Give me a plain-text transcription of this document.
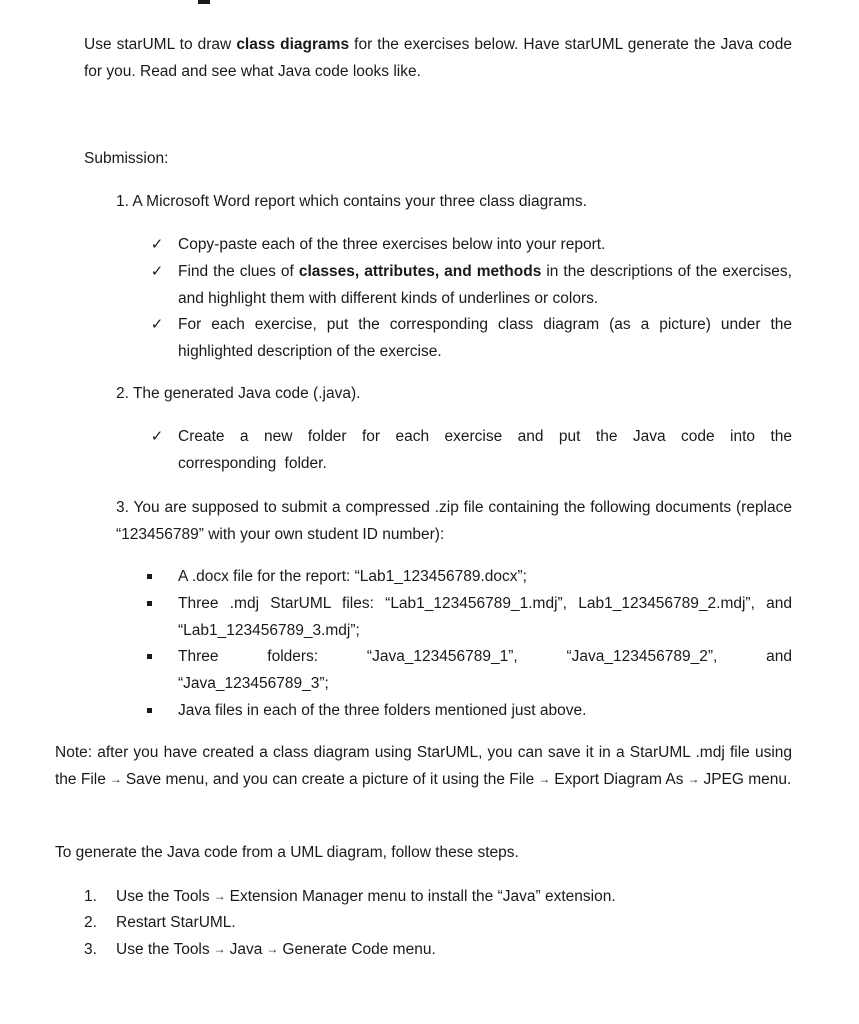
Use starUML to draw class diagrams for the exercises below. Have starUML generate the Java code for you. Read and see what Java code looks like.
Submission:
1. A Microsoft Word report which contains your three class diagrams.
✓ Copy-paste each of the three exercises below into your report.
✓ Find the clues of classes, attributes, and methods in the descriptions of the exercises, and highlight them with different kinds of underlines or colors.
✓ For each exercise, put the corresponding class diagram (as a picture) under the highlighted description of the exercise.
2. The generated Java code (.java).
✓ Create a new folder for each exercise and put the Java code into the corresponding folder.
3. You are supposed to submit a compressed .zip file containing the following documents (replace “123456789” with your own student ID number):
A .docx file for the report: “Lab1_123456789.docx”;
Three .mdj StarUML files: “Lab1_123456789_1.mdj”, Lab1_123456789_2.mdj”, and “Lab1_123456789_3.mdj”;
Three folders: “Java_123456789_1”, “Java_123456789_2”, and “Java_123456789_3”;
Java files in each of the three folders mentioned just above.
Note: after you have created a class diagram using StarUML, you can save it in a StarUML .mdj file using the File → Save menu, and you can create a picture of it using the File → Export Diagram As → JPEG menu.
To generate the Java code from a UML diagram, follow these steps.
1.	Use the Tools → Extension Manager menu to install the “Java” extension.
2.	Restart StarUML.
3.	Use the Tools → Java → Generate Code menu.
